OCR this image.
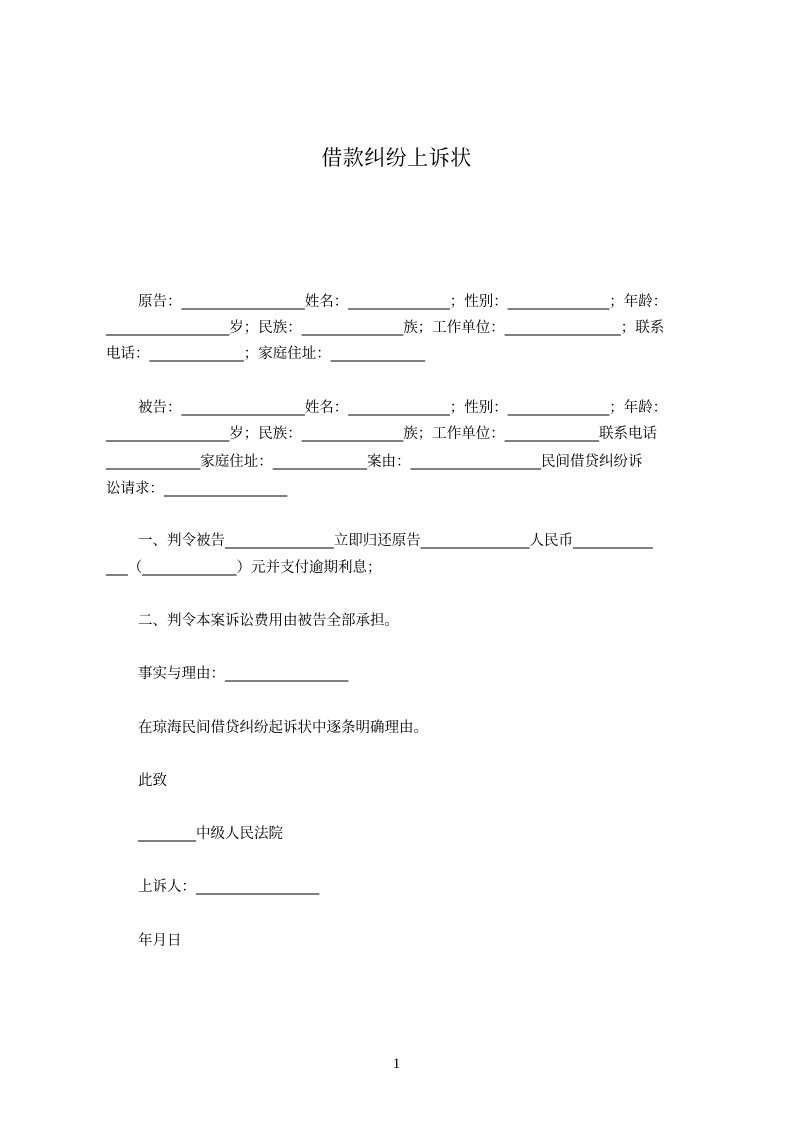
借款纠纷上诉状
原告：_________________姓名：______________；性别：______________；年龄：
_________________岁；民族：______________族；工作单位：________________；联系
电话：_____________；家庭住址：_____________
被告：_________________姓名：______________；性别：______________；年龄：
_________________岁；民族：______________族；工作单位：_____________联系电话
_____________家庭住址：_____________案由：__________________民间借贷纠纷诉
讼请求：_________________
一、判令被告_______________立即归还原告_______________人民币___________
___（_____________）元并支付逾期利息；
二、判令本案诉讼费用由被告全部承担。
事实与理由：_________________
在琼海民间借贷纠纷起诉状中逐条明确理由。
此致
________中级人民法院
上诉人：_________________
年月日
1
